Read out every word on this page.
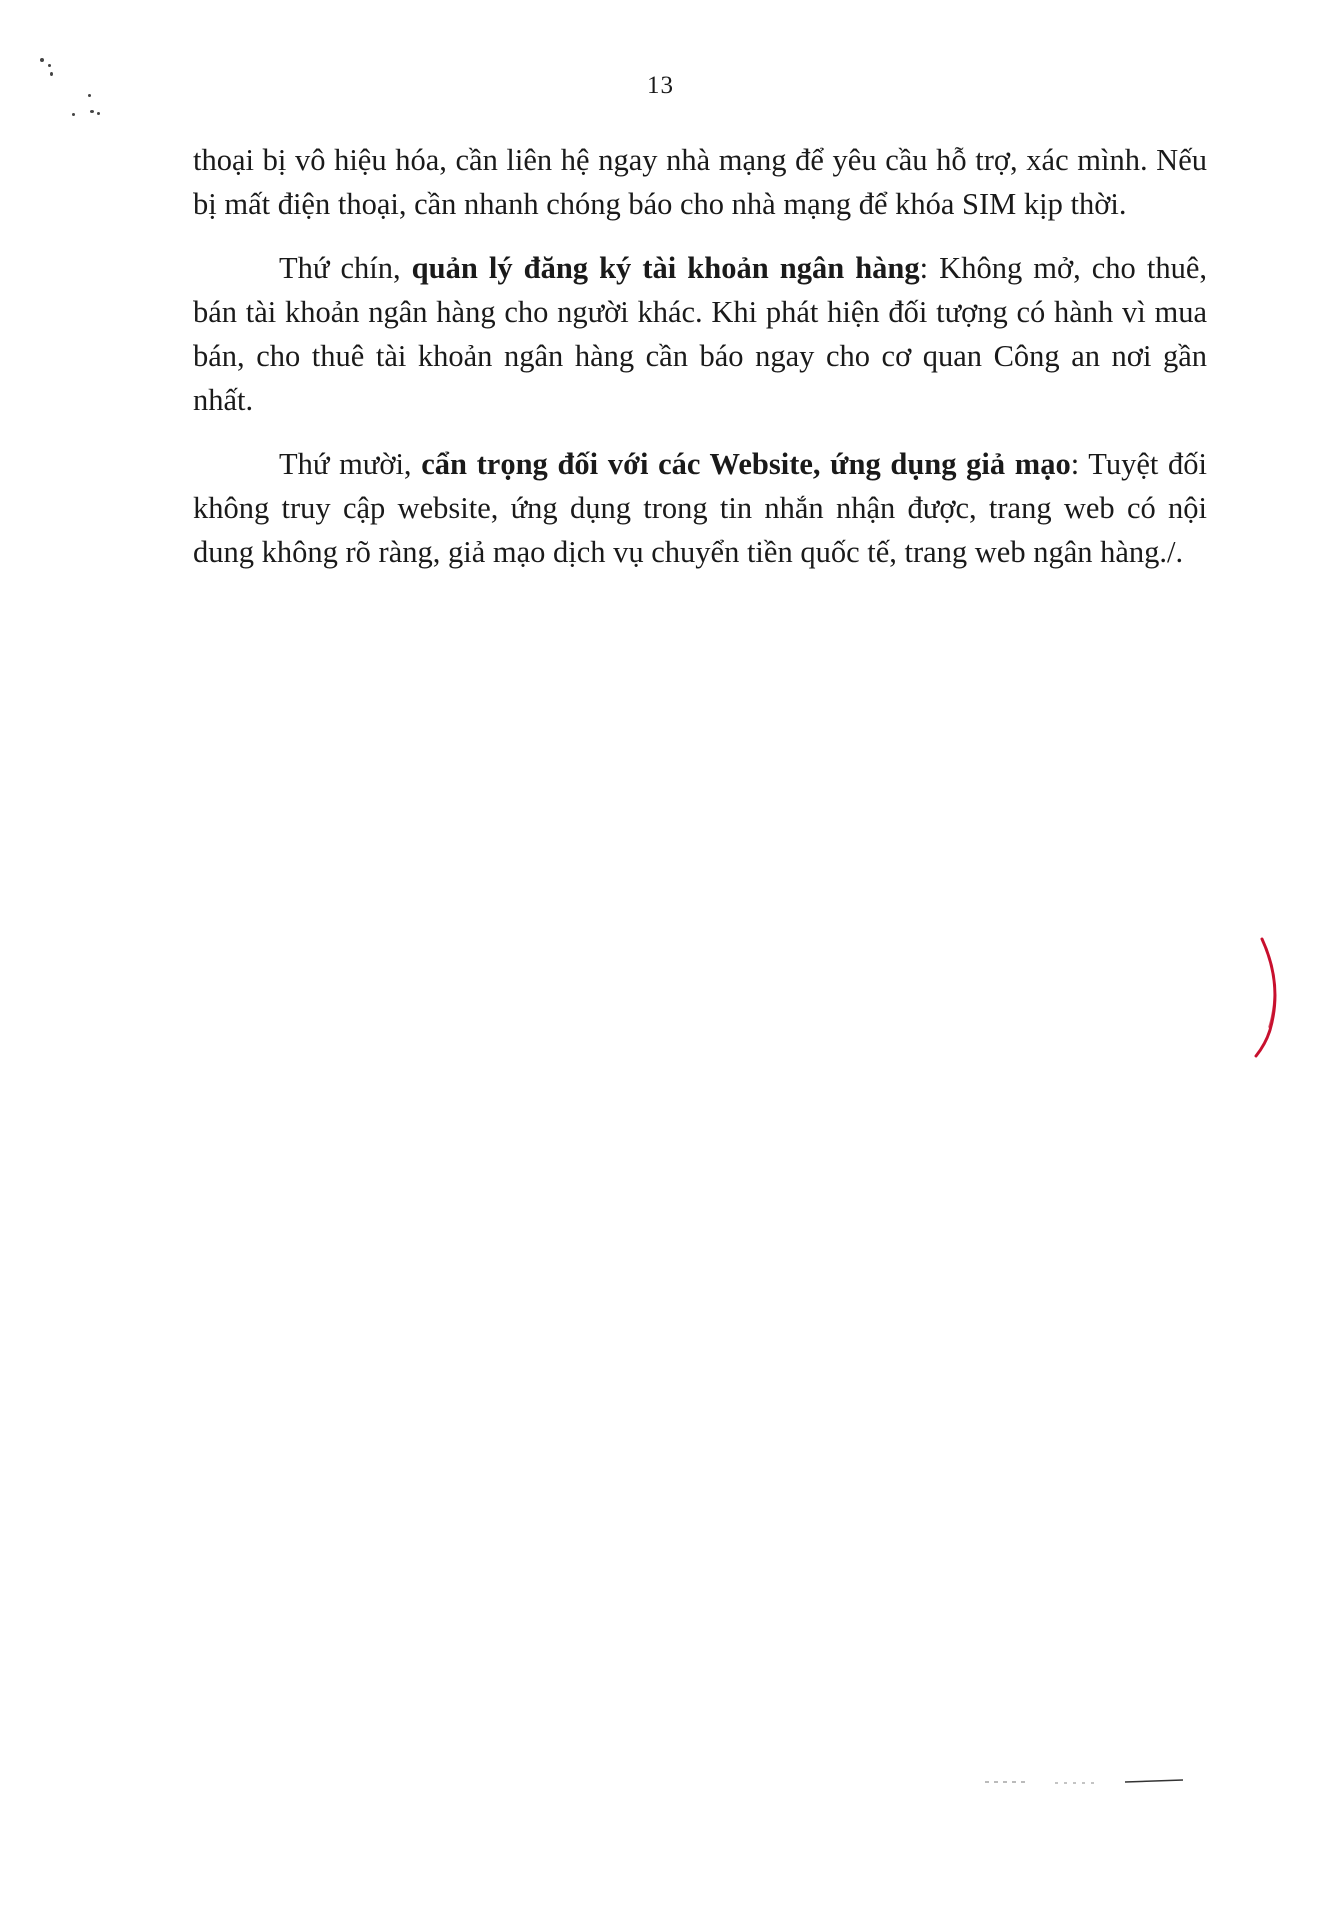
13

thoại bị vô hiệu hóa, cần liên hệ ngay nhà mạng để yêu cầu hỗ trợ, xác mình. Nếu bị mất điện thoại, cần nhanh chóng báo cho nhà mạng để khóa SIM kịp thời.

Thứ chín, quản lý đăng ký tài khoản ngân hàng: Không mở, cho thuê, bán tài khoản ngân hàng cho người khác. Khi phát hiện đối tượng có hành vì mua bán, cho thuê tài khoản ngân hàng cần báo ngay cho cơ quan Công an nơi gần nhất.

Thứ mười, cẩn trọng đối với các Website, ứng dụng giả mạo: Tuyệt đối không truy cập website, ứng dụng trong tin nhắn nhận được, trang web có nội dung không rõ ràng, giả mạo dịch vụ chuyển tiền quốc tế, trang web ngân hàng./.
